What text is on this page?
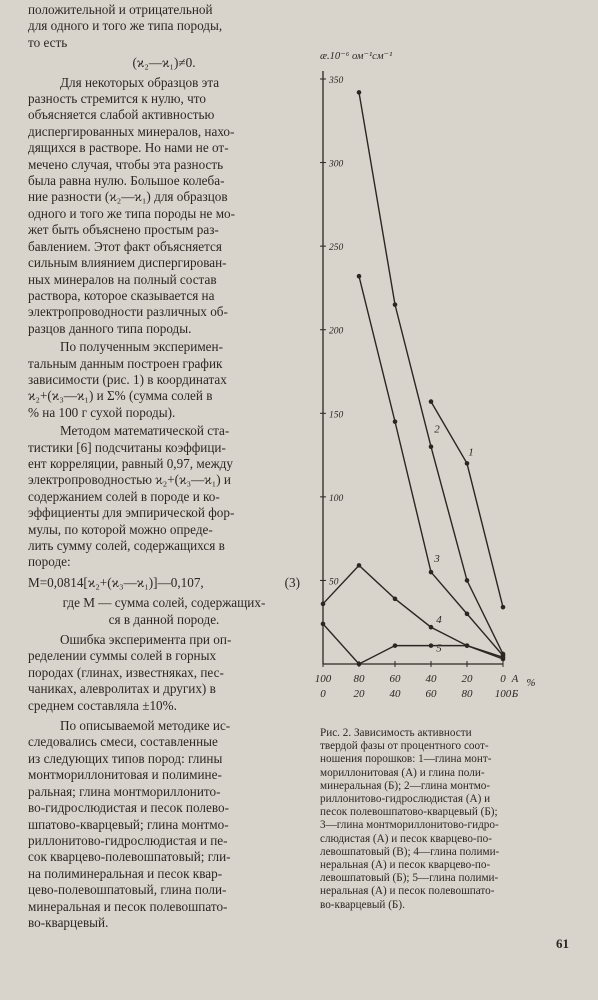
положительной и отрицательной
для одного и того же типа породы,
то есть

(ϰ₂—ϰ₁)≠0.

Для некоторых образцов эта
разность стремится к нулю, что
объясняется слабой активностью
диспергированных минералов, нахо-
дящихся в растворе. Но нами не от-
мечено случая, чтобы эта разность
была равна нулю. Большое колеба-
ние разности (ϰ₂—ϰ₁) для образцов
одного и того же типа породы не мо-
жет быть объяснено простым раз-
бавлением. Этот факт объясняется
сильным влиянием диспергирован-
ных минералов на полный состав
раствора, которое сказывается на
электропроводности различных об-
разцов данного типа породы.

По полученным эксперимен-
тальным данным построен график
зависимости (рис. 1) в координатах
ϰ₂+(ϰ₃—ϰ₁) и Σ% (сумма солей в
% на 100 г сухой породы).

Методом математической ста-
тистики [6] подсчитаны коэффици-
ент корреляции, равный 0,97, между
электропроводностью ϰ₂+(ϰ₃—ϰ₁) и
содержанием солей в породе и ко-
эффициенты для эмпирической фор-
мулы, по которой можно опреде-
лить сумму солей, содержащихся в
породе:

M=0,0814[ϰ₂+(ϰ₃—ϰ₁)]—0,107,	(3)

где M — сумма солей, содержащих-
ся в данной породе.

Ошибка эксперимента при оп-
ределении суммы солей в горных
породах (глинах, известняках, пес-
чаниках, алевролитах и других) в
среднем составляла ±10%.

По описываемой методике ис-
следовались смеси, составленные
из следующих типов пород: глины
монтмориллонитовая и полимине-
ральная; глина монтмориллонито-
во-гидрослюдистая и песок полево-
шпатово-кварцевый; глина монтмо-
риллонитово-гидрослюдистая и пе-
сок кварцево-полевошпатовый; гли-
на полиминеральная и песок квар-
цево-полевошпатовый, глина поли-
минеральная и песок полевошпато-
во-кварцевый.

æ.10⁻⁶ ом⁻¹см⁻¹
50
100
150
200
250
300
350
100
0
80
20
60
40
40
60
20
80
0
100
A
Б
%
1
2
3
4
5
Рис. 2. Зависимость активности
твердой фазы от процентного соот-
ношения порошков: 1—глина монт-
мориллонитовая (А) и глина поли-
минеральная (Б); 2—глина монтмо-
риллонитово-гидрослюдистая (А) и
песок полевошпатово-кварцевый (Б);
3—глина монтмориллонитово-гидро-
слюдистая (А) и песок кварцево-по-
левошпатовый (В); 4—глина полими-
неральная (А) и песок кварцево-по-
левошпатовый (Б); 5—глина полими-
неральная (А) и песок полевошпато-
во-кварцевый (Б).
61
